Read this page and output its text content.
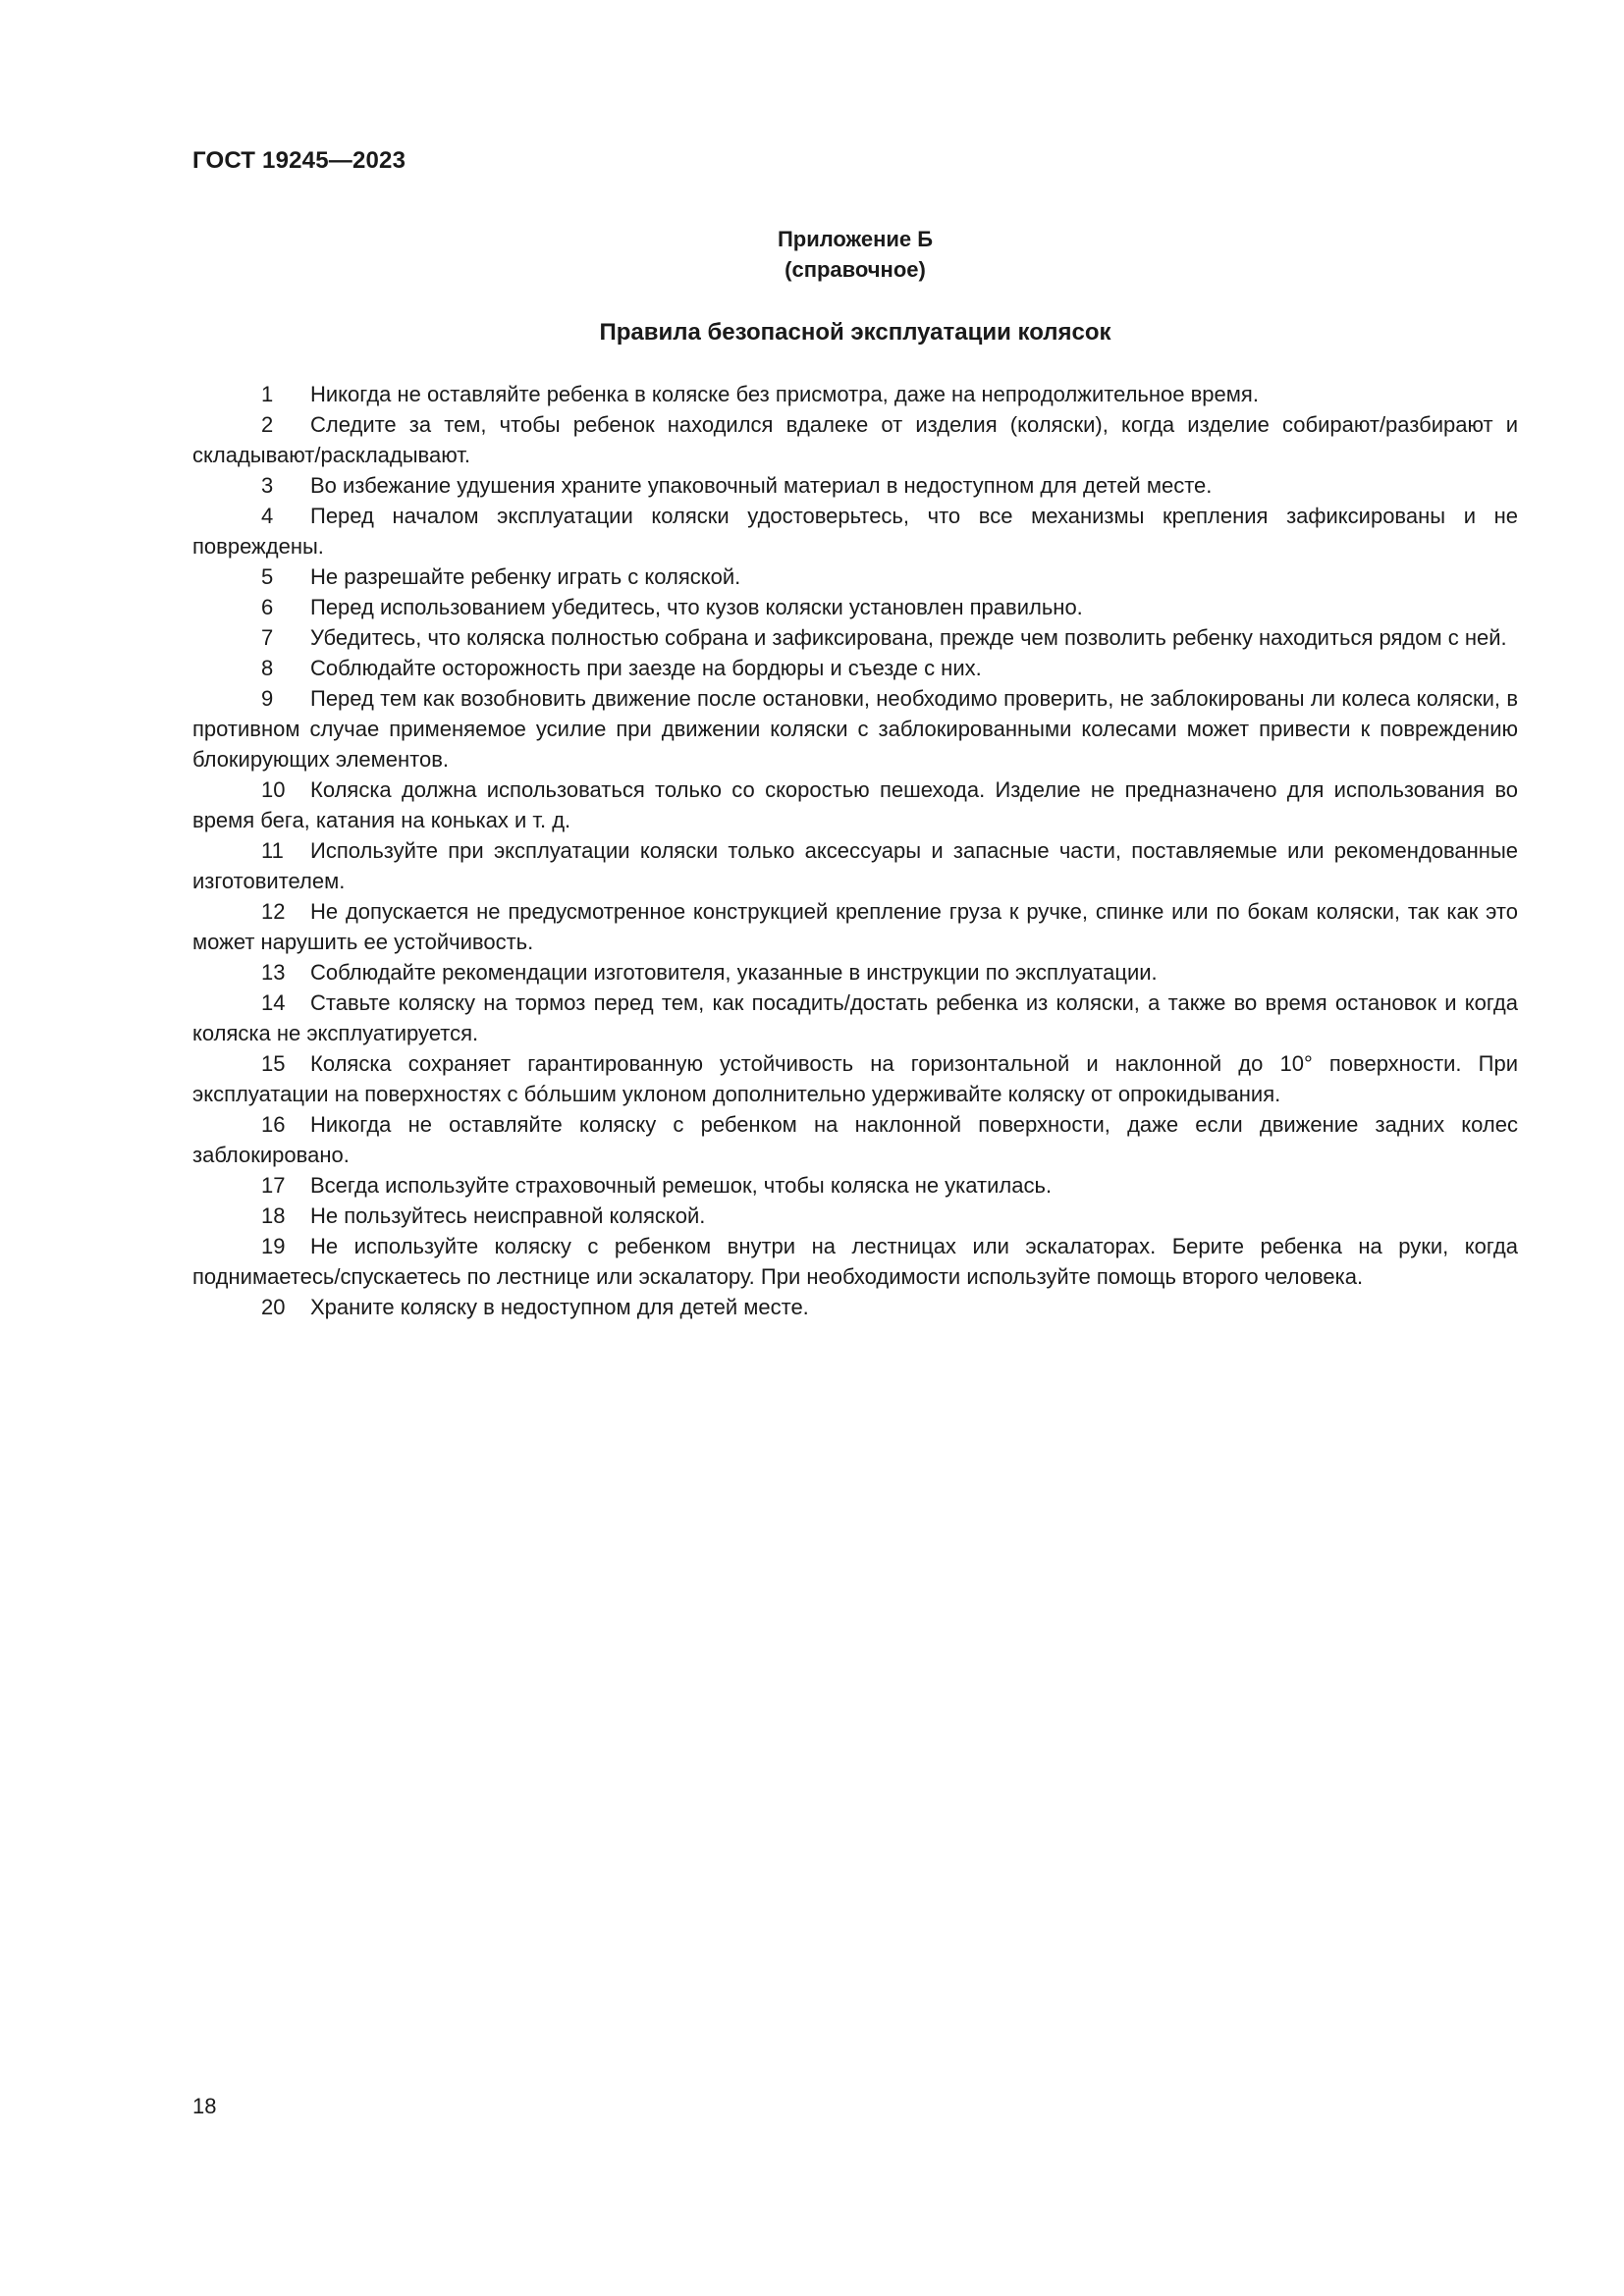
ГОСТ 19245—2023
Приложение Б
(справочное)
Правила безопасной эксплуатации колясок

1 Никогда не оставляйте ребенка в коляске без присмотра, даже на непродолжительное время.

2 Следите за тем, чтобы ребенок находился вдалеке от изделия (коляски), когда изделие собирают/разбирают и складывают/раскладывают.

3 Во избежание удушения храните упаковочный материал в недоступном для детей месте.

4 Перед началом эксплуатации коляски удостоверьтесь, что все механизмы крепления зафиксированы и не повреждены.

5 Не разрешайте ребенку играть с коляской.

6 Перед использованием убедитесь, что кузов коляски установлен правильно.

7 Убедитесь, что коляска полностью собрана и зафиксирована, прежде чем позволить ребенку находиться рядом с ней.

8 Соблюдайте осторожность при заезде на бордюры и съезде с них.

9 Перед тем как возобновить движение после остановки, необходимо проверить, не заблокированы ли колеса коляски, в противном случае применяемое усилие при движении коляски с заблокированными колесами может привести к повреждению блокирующих элементов.

10 Коляска должна использоваться только со скоростью пешехода. Изделие не предназначено для использования во время бега, катания на коньках и т. д.

11 Используйте при эксплуатации коляски только аксессуары и запасные части, поставляемые или рекомендованные изготовителем.

12 Не допускается не предусмотренное конструкцией крепление груза к ручке, спинке или по бокам коляски, так как это может нарушить ее устойчивость.

13 Соблюдайте рекомендации изготовителя, указанные в инструкции по эксплуатации.

14 Ставьте коляску на тормоз перед тем, как посадить/достать ребенка из коляски, а также во время остановок и когда коляска не эксплуатируется.

15 Коляска сохраняет гарантированную устойчивость на горизонтальной и наклонной до 10° поверхности. При эксплуатации на поверхностях с бóльшим уклоном дополнительно удерживайте коляску от опрокидывания.

16 Никогда не оставляйте коляску с ребенком на наклонной поверхности, даже если движение задних колес заблокировано.

17 Всегда используйте страховочный ремешок, чтобы коляска не укатилась.

18 Не пользуйтесь неисправной коляской.

19 Не используйте коляску с ребенком внутри на лестницах или эскалаторах. Берите ребенка на руки, когда поднимаетесь/спускаетесь по лестнице или эскалатору. При необходимости используйте помощь второго человека.

20 Храните коляску в недоступном для детей месте.

18
